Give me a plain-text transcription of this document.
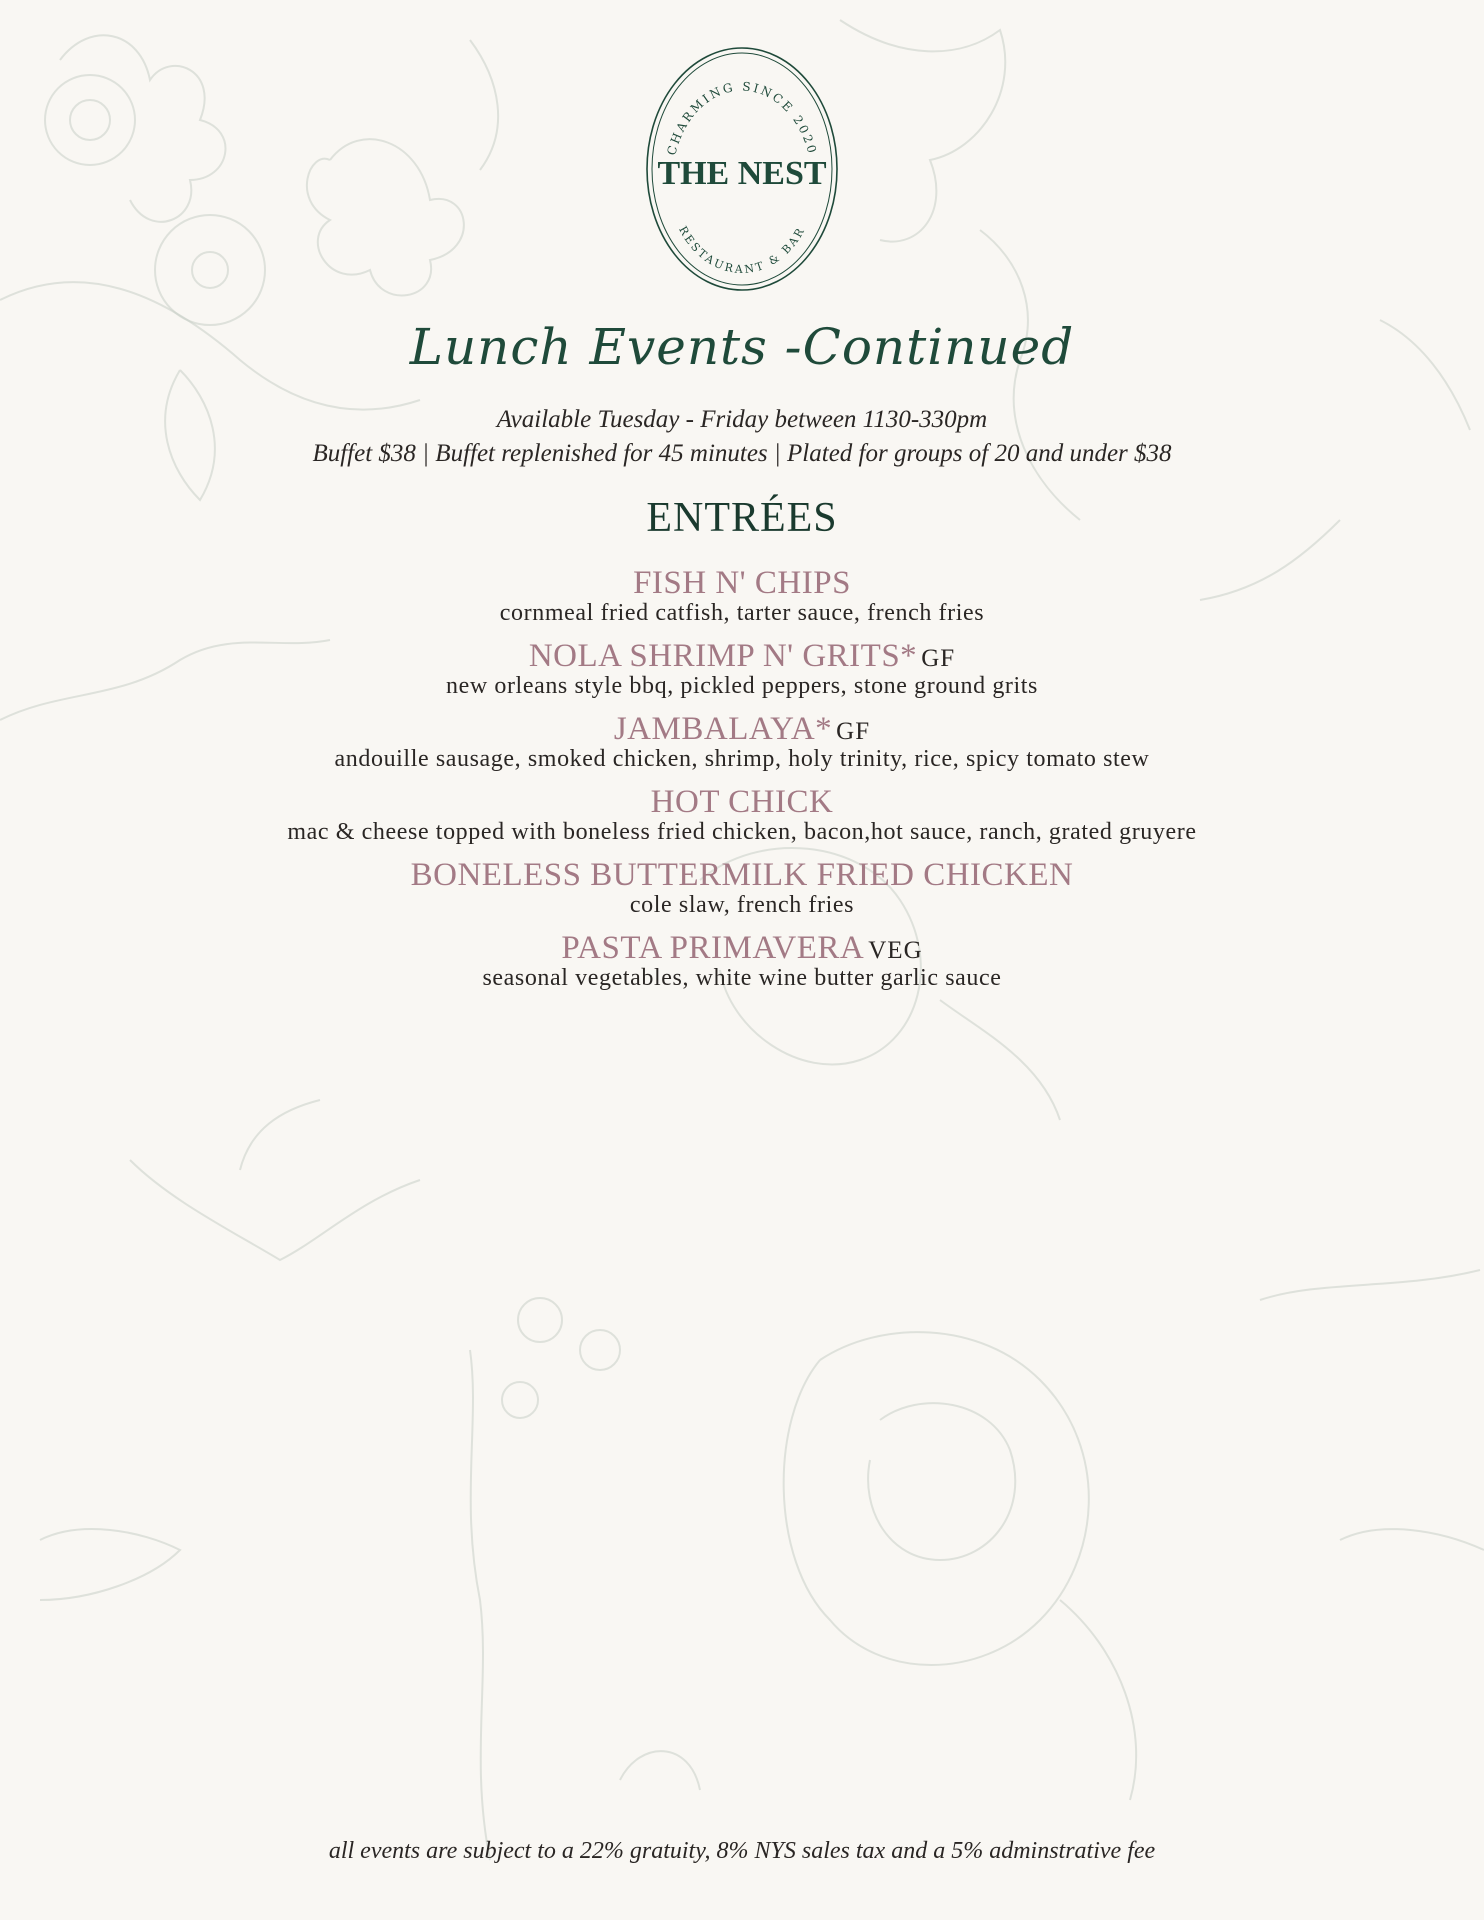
CHARMING SINCE 2020
THE NEST
RESTAURANT & BAR
Lunch Events -Continued
Available Tuesday - Friday between 1130-330pm
Buffet $38 | Buffet replenished for 45 minutes | Plated for groups of 20 and under $38
ENTRÉES
FISH N' CHIPS
cornmeal fried catfish, tarter sauce, french fries
NOLA SHRIMP N' GRITS* GF
new orleans style bbq, pickled peppers, stone ground grits
JAMBALAYA* GF
andouille sausage, smoked chicken, shrimp, holy trinity, rice, spicy tomato stew
HOT CHICK
mac & cheese topped with boneless fried chicken, bacon,hot sauce, ranch, grated gruyere
BONELESS BUTTERMILK FRIED CHICKEN
cole slaw, french fries
PASTA PRIMAVERA VEG
seasonal vegetables, white wine butter garlic sauce
all events are subject to a 22% gratuity, 8% NYS sales tax and a 5% adminstrative fee
